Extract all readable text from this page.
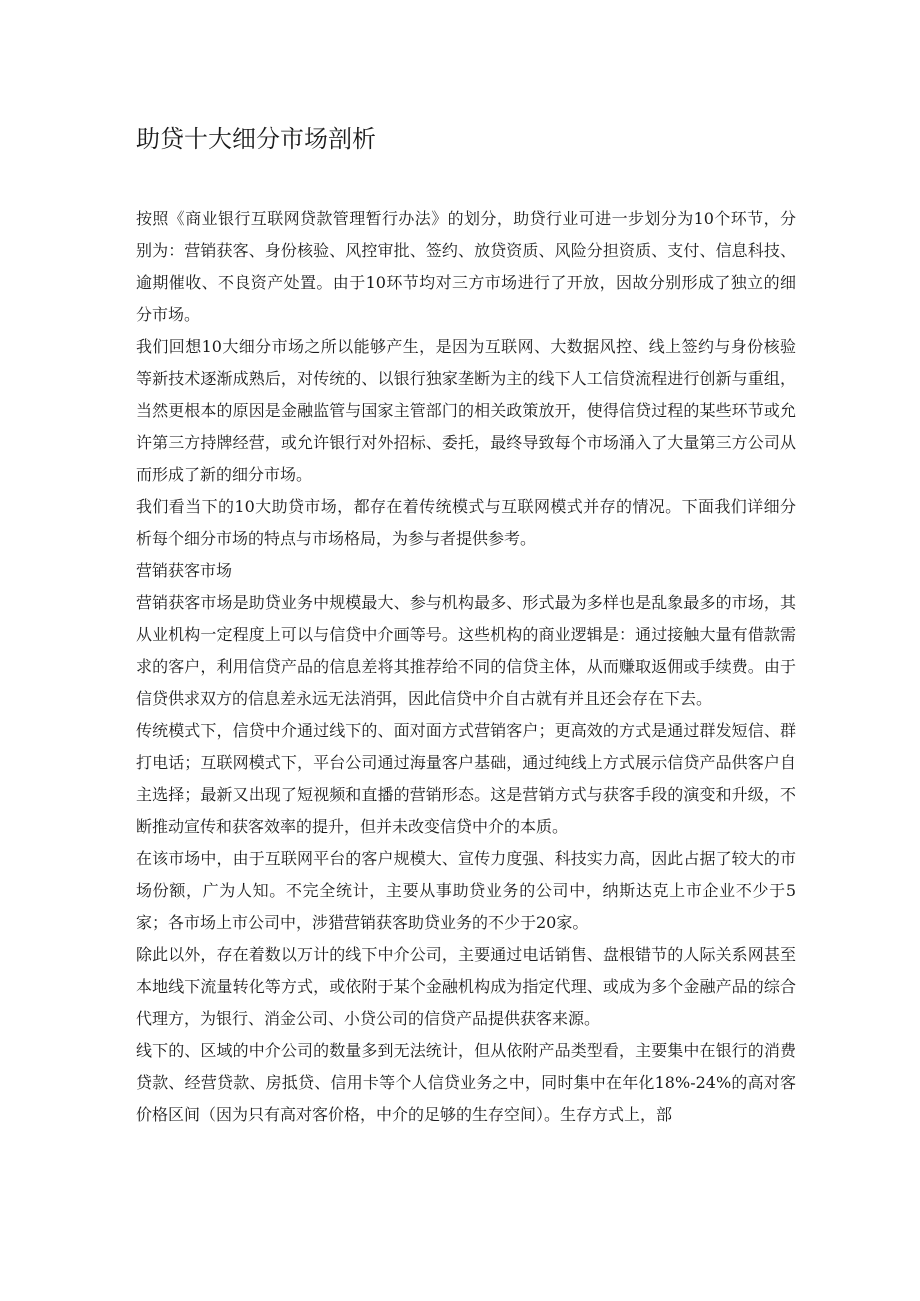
助贷十大细分市场剖析

按照《商业银行互联网贷款管理暂行办法》的划分，助贷行业可进一步划分为10个环节，分别为：营销获客、身份核验、风控审批、签约、放贷资质、风险分担资质、支付、信息科技、逾期催收、不良资产处置。由于10环节均对三方市场进行了开放，因故分别形成了独立的细分市场。

我们回想10大细分市场之所以能够产生，是因为互联网、大数据风控、线上签约与身份核验等新技术逐渐成熟后，对传统的、以银行独家垄断为主的线下人工信贷流程进行创新与重组，当然更根本的原因是金融监管与国家主管部门的相关政策放开，使得信贷过程的某些环节或允许第三方持牌经营，或允许银行对外招标、委托，最终导致每个市场涌入了大量第三方公司从而形成了新的细分市场。

我们看当下的10大助贷市场，都存在着传统模式与互联网模式并存的情况。下面我们详细分析每个细分市场的特点与市场格局，为参与者提供参考。

营销获客市场

营销获客市场是助贷业务中规模最大、参与机构最多、形式最为多样也是乱象最多的市场，其从业机构一定程度上可以与信贷中介画等号。这些机构的商业逻辑是：通过接触大量有借款需求的客户，利用信贷产品的信息差将其推荐给不同的信贷主体，从而赚取返佣或手续费。由于信贷供求双方的信息差永远无法消弭，因此信贷中介自古就有并且还会存在下去。

传统模式下，信贷中介通过线下的、面对面方式营销客户；更高效的方式是通过群发短信、群打电话；互联网模式下，平台公司通过海量客户基础，通过纯线上方式展示信贷产品供客户自主选择；最新又出现了短视频和直播的营销形态。这是营销方式与获客手段的演变和升级，不断推动宣传和获客效率的提升，但并未改变信贷中介的本质。

在该市场中，由于互联网平台的客户规模大、宣传力度强、科技实力高，因此占据了较大的市场份额，广为人知。不完全统计，主要从事助贷业务的公司中，纳斯达克上市企业不少于5家；各市场上市公司中，涉猎营销获客助贷业务的不少于20家。

除此以外，存在着数以万计的线下中介公司，主要通过电话销售、盘根错节的人际关系网甚至本地线下流量转化等方式，或依附于某个金融机构成为指定代理、或成为多个金融产品的综合代理方，为银行、消金公司、小贷公司的信贷产品提供获客来源。

线下的、区域的中介公司的数量多到无法统计，但从依附产品类型看，主要集中在银行的消费贷款、经营贷款、房抵贷、信用卡等个人信贷业务之中，同时集中在年化18%-24%的高对客价格区间（因为只有高对客价格，中介的足够的生存空间）。生存方式上，部
